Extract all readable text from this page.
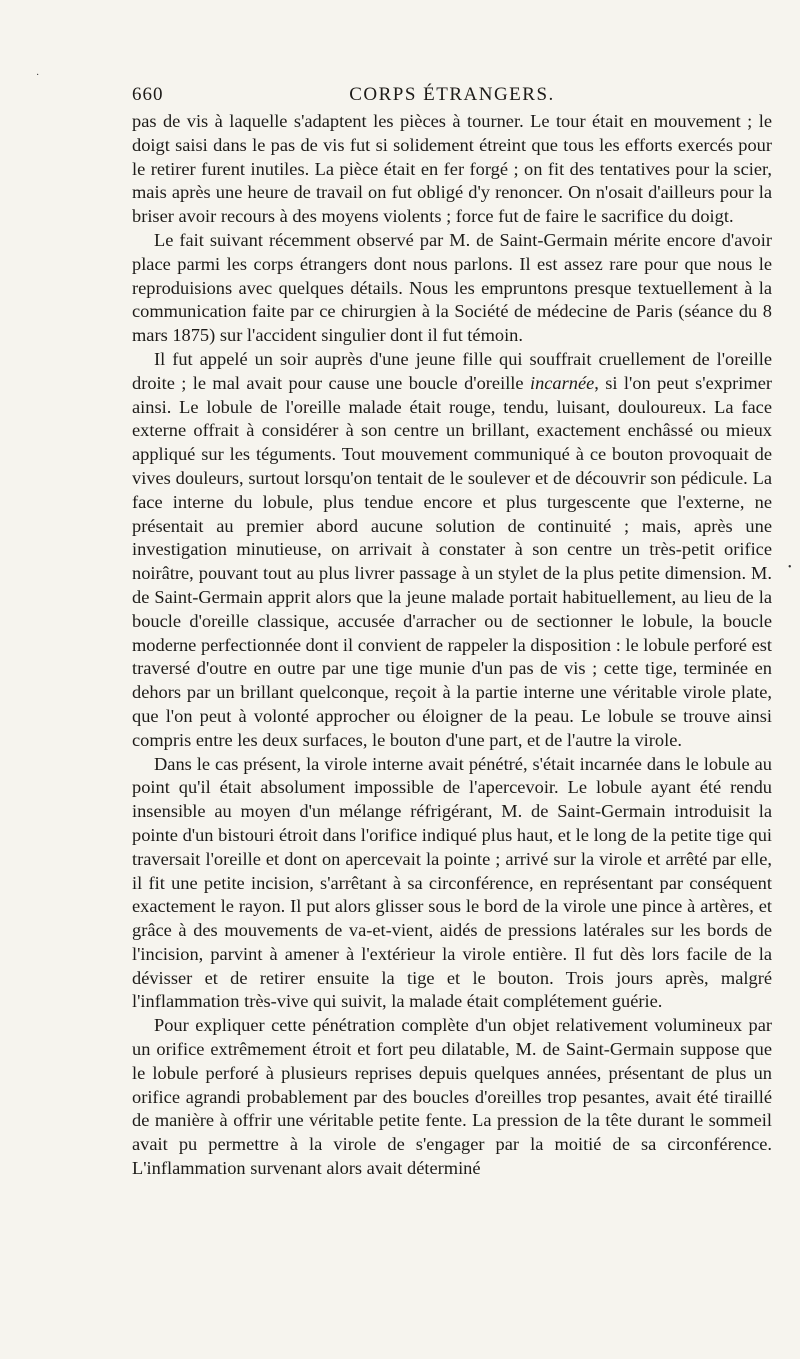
·
•
660	CORPS ÉTRANGERS.

pas de vis à laquelle s'adaptent les pièces à tourner. Le tour était en mouvement ; le doigt saisi dans le pas de vis fut si solidement étreint que tous les efforts exercés pour le retirer furent inutiles. La pièce était en fer forgé ; on fit des tentatives pour la scier, mais après une heure de travail on fut obligé d'y renoncer. On n'osait d'ailleurs pour la briser avoir recours à des moyens violents ; force fut de faire le sacrifice du doigt.

Le fait suivant récemment observé par M. de Saint-Germain mérite encore d'avoir place parmi les corps étrangers dont nous parlons. Il est assez rare pour que nous le reproduisions avec quelques détails. Nous les empruntons presque textuellement à la communication faite par ce chirurgien à la Société de médecine de Paris (séance du 8 mars 1875) sur l'accident singulier dont il fut témoin.

Il fut appelé un soir auprès d'une jeune fille qui souffrait cruellement de l'oreille droite ; le mal avait pour cause une boucle d'oreille incarnée, si l'on peut s'exprimer ainsi. Le lobule de l'oreille malade était rouge, tendu, luisant, douloureux. La face externe offrait à considérer à son centre un brillant, exactement enchâssé ou mieux appliqué sur les téguments. Tout mouvement communiqué à ce bouton provoquait de vives douleurs, surtout lorsqu'on tentait de le soulever et de découvrir son pédicule. La face interne du lobule, plus tendue encore et plus turgescente que l'externe, ne présentait au premier abord aucune solution de continuité ; mais, après une investigation minutieuse, on arrivait à constater à son centre un très-petit orifice noirâtre, pouvant tout au plus livrer passage à un stylet de la plus petite dimension. M. de Saint-Germain apprit alors que la jeune malade portait habituellement, au lieu de la boucle d'oreille classique, accusée d'arracher ou de sectionner le lobule, la boucle moderne perfectionnée dont il convient de rappeler la disposition : le lobule perforé est traversé d'outre en outre par une tige munie d'un pas de vis ; cette tige, terminée en dehors par un brillant quelconque, reçoit à la partie interne une véritable virole plate, que l'on peut à volonté approcher ou éloigner de la peau. Le lobule se trouve ainsi compris entre les deux surfaces, le bouton d'une part, et de l'autre la virole.

Dans le cas présent, la virole interne avait pénétré, s'était incarnée dans le lobule au point qu'il était absolument impossible de l'apercevoir. Le lobule ayant été rendu insensible au moyen d'un mélange réfrigérant, M. de Saint-Germain introduisit la pointe d'un bistouri étroit dans l'orifice indiqué plus haut, et le long de la petite tige qui traversait l'oreille et dont on apercevait la pointe ; arrivé sur la virole et arrêté par elle, il fit une petite incision, s'arrêtant à sa circonférence, en représentant par conséquent exactement le rayon. Il put alors glisser sous le bord de la virole une pince à artères, et grâce à des mouvements de va-et-vient, aidés de pressions latérales sur les bords de l'incision, parvint à amener à l'extérieur la virole entière. Il fut dès lors facile de la dévisser et de retirer ensuite la tige et le bouton. Trois jours après, malgré l'inflammation très-vive qui suivit, la malade était complétement guérie.

Pour expliquer cette pénétration complète d'un objet relativement volumineux par un orifice extrêmement étroit et fort peu dilatable, M. de Saint-Germain suppose que le lobule perforé à plusieurs reprises depuis quelques années, présentant de plus un orifice agrandi probablement par des boucles d'oreilles trop pesantes, avait été tiraillé de manière à offrir une véritable petite fente. La pression de la tête durant le sommeil avait pu permettre à la virole de s'engager par la moitié de sa circonférence. L'inflammation survenant alors avait déterminé
